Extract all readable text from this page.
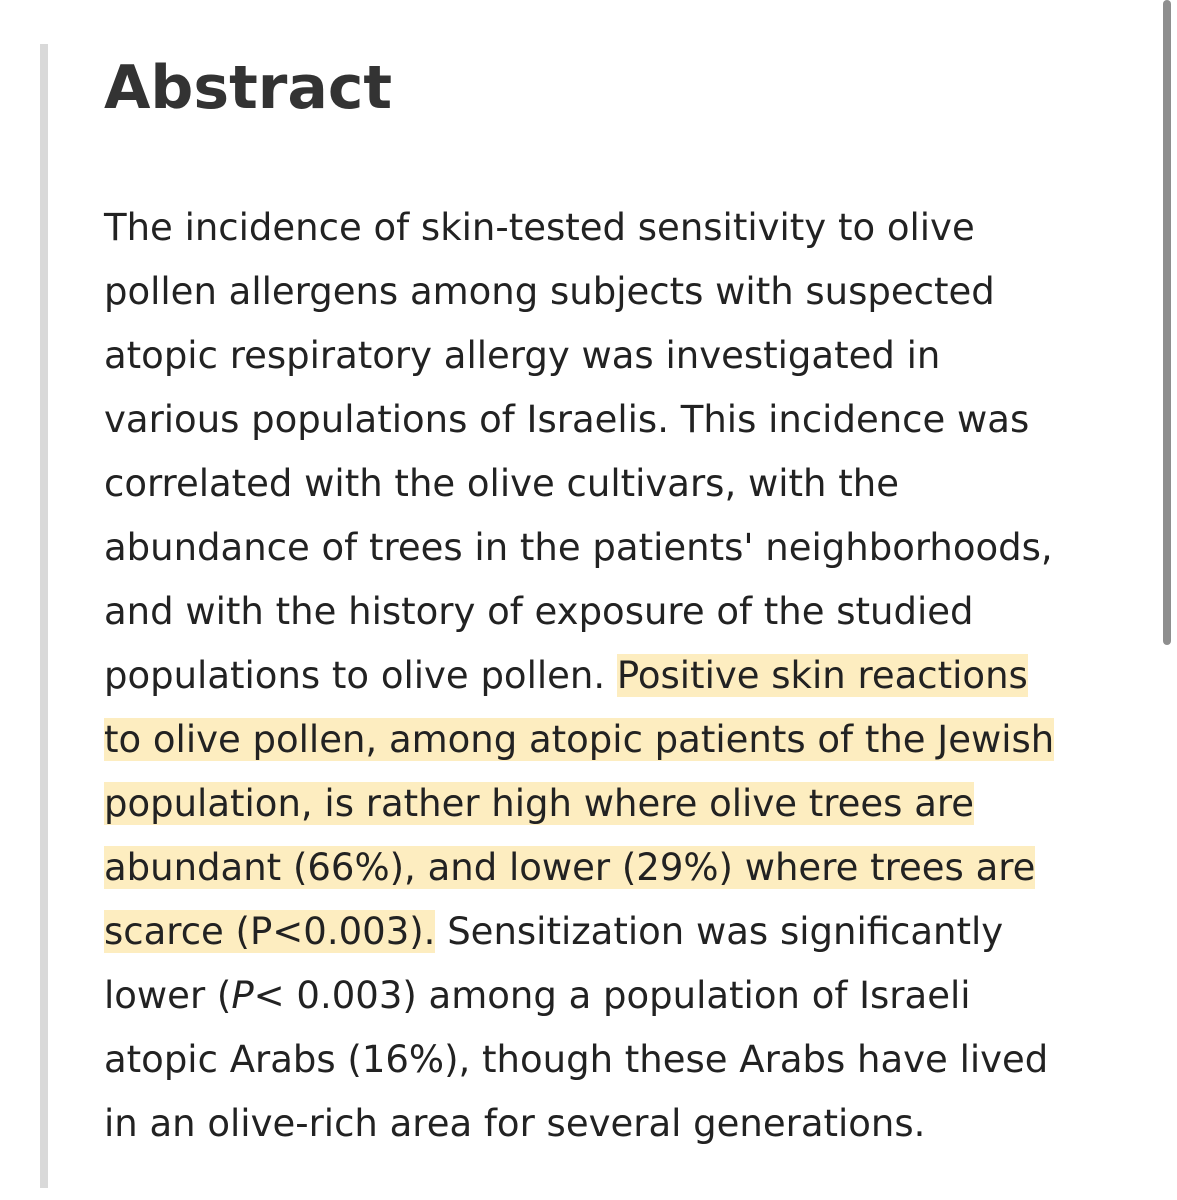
Abstract
The incidence of skin-tested sensitivity to olive
pollen allergens among subjects with suspected
atopic respiratory allergy was investigated in
various populations of Israelis. This incidence was
correlated with the olive cultivars, with the
abundance of trees in the patients' neighborhoods,
and with the history of exposure of the studied
populations to olive pollen. Positive skin reactions
to olive pollen, among atopic patients of the Jewish
population, is rather high where olive trees are
abundant (66%), and lower (29%) where trees are
scarce (P<0.003). Sensitization was significantly
lower (P< 0.003) among a population of Israeli
atopic Arabs (16%), though these Arabs have lived
in an olive-rich area for several generations.
